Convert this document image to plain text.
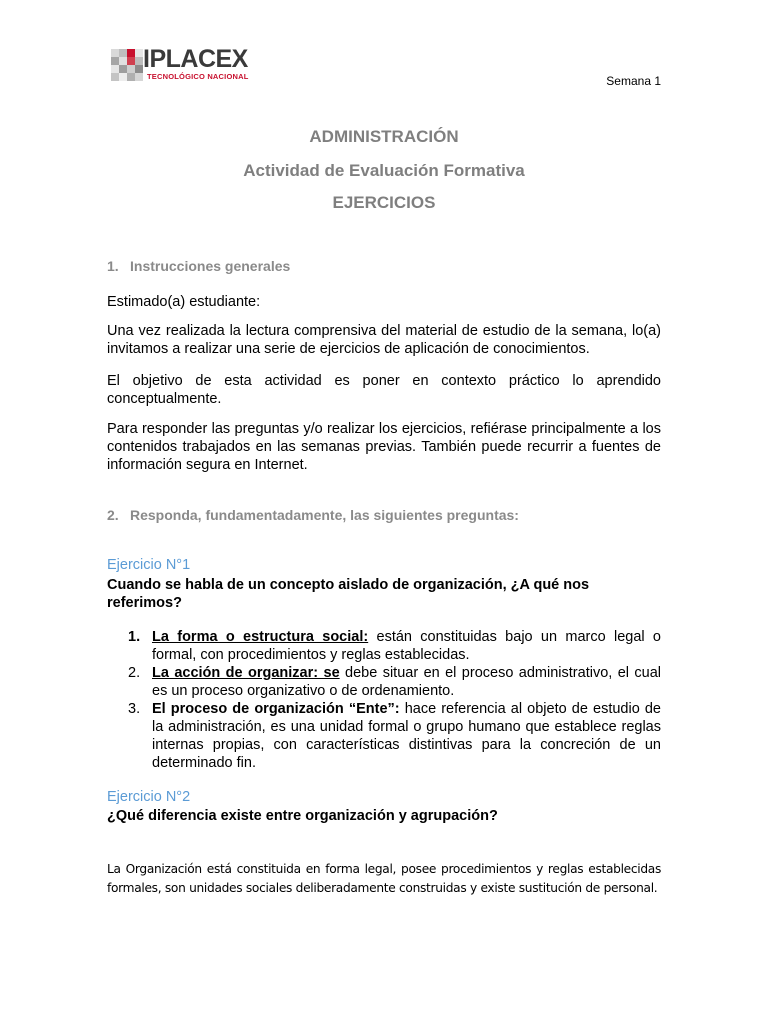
IPLACEX
TECNOLÓGICO NACIONAL	Semana 1
ADMINISTRACIÓN
Actividad de Evaluación Formativa
EJERCICIOS
1. Instrucciones generales
Estimado(a) estudiante:
Una vez realizada la lectura comprensiva del material de estudio de la semana, lo(a) invitamos a realizar una serie de ejercicios de aplicación de conocimientos.
El objetivo de esta actividad es poner en contexto práctico lo aprendido conceptualmente.
Para responder las preguntas y/o realizar los ejercicios, refiérase principalmente a los contenidos trabajados en las semanas previas. También puede recurrir a fuentes de información segura en Internet.
2. Responda, fundamentadamente, las siguientes preguntas:
Ejercicio N°1
Cuando se habla de un concepto aislado de organización, ¿A qué nos referimos?
1. La forma o estructura social: están constituidas bajo un marco legal o formal, con procedimientos y reglas establecidas.
2. La acción de organizar: se debe situar en el proceso administrativo, el cual es un proceso organizativo o de ordenamiento.
3. El proceso de organización “Ente”: hace referencia al objeto de estudio de la administración, es una unidad formal o grupo humano que establece reglas internas propias, con características distintivas para la concreción de un determinado fin.
Ejercicio N°2
¿Qué diferencia existe entre organización y agrupación?
La Organización está constituida en forma legal, posee procedimientos y reglas establecidas formales, son unidades sociales deliberadamente construidas y existe sustitución de personal.
